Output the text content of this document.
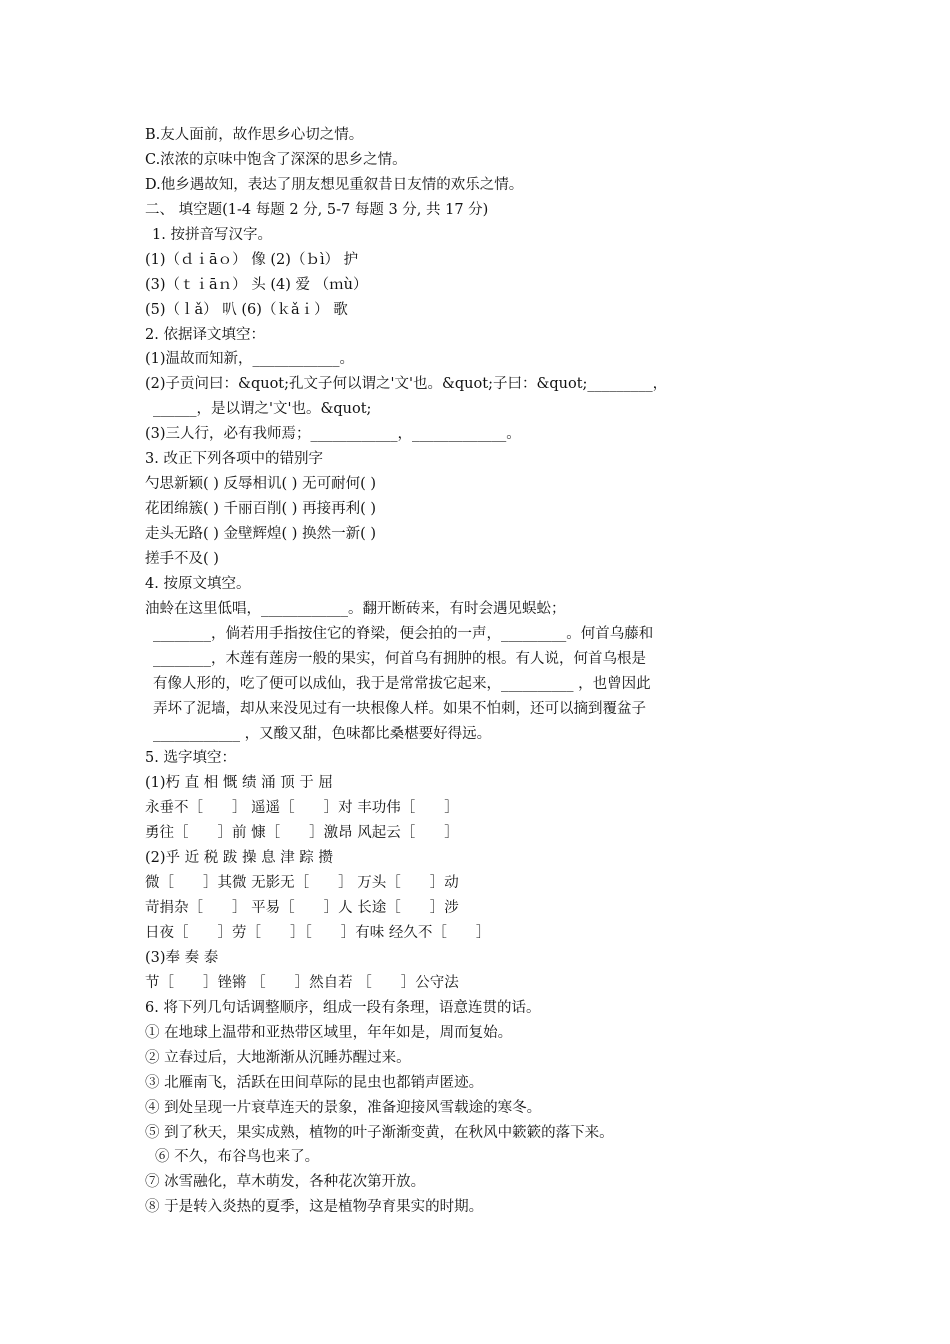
B.友人面前，故作思乡心切之情。
C.浓浓的京味中饱含了深深的思乡之情。
D.他乡遇故知，表达了朋友想见重叙昔日友情的欢乐之情。
二、 填空题(1-4 每题 2 分, 5-7 每题 3 分, 共 17 分)
1. 按拼音写汉字。
(1)（ｄｉāｏ） 像 (2)（ｂì） 护
(3)（ｔｉāｎ） 头 (4) 爱 （ｍù）
(5)（ｌǎ） 叭 (6)（ｋǎｉ） 歌
2. 依据译文填空：
(1)温故而知新，____________。
(2)子贡问曰：&quot;孔文子何以谓之'文'也。&quot;子曰：&quot;_________，
______，是以谓之'文'也。&quot;
(3)三人行，必有我师焉；____________，_____________。
3. 改正下列各项中的错别字
勺思新颖( ) 反辱相讥( ) 无可耐何( )
花团绵簇( ) 千丽百削( ) 再接再利( )
走头无路( ) 金壁辉煌( ) 换然一新( )
搓手不及( )
4. 按原文填空。
油蛉在这里低唱，____________。翻开断砖来，有时会遇见蜈蚣；
________，倘若用手指按住它的脊梁，便会拍的一声，_________。何首乌藤和
________，木莲有莲房一般的果实，何首乌有拥肿的根。有人说，何首乌根是
有像人形的，吃了便可以成仙，我于是常常拔它起来，__________ ，也曾因此
弄坏了泥墙，却从来没见过有一块根像人样。如果不怕刺，还可以摘到覆盆子
____________ ，又酸又甜，色味都比桑椹要好得远。
5. 选字填空：
(1)朽 直 相 慨 绩 涌 顶 于 屈
永垂不［　　］ 遥遥［　　］对 丰功伟［　　］
勇往［　　］前 慷［　　］激昂 风起云［　　］
(2)乎 近 税 跋 操 息 津 踪 攒
微［　　］其微 无影无［　　］ 万头［　　］动
苛捐杂［　　］ 平易［　　］人 长途［　　］涉
日夜［　　］劳［　　］［　　］有味 经久不［　　］
(3)奉 奏 泰
节［　　］锉锵 ［　　］然自若 ［　　］公守法
6. 将下列几句话调整顺序，组成一段有条理，语意连贯的话。
① 在地球上温带和亚热带区域里，年年如是，周而复始。
② 立春过后，大地渐渐从沉睡苏醒过来。
③ 北雁南飞，活跃在田间草际的昆虫也都销声匿迹。
④ 到处呈现一片衰草连天的景象，准备迎接风雪载途的寒冬。
⑤ 到了秋天，果实成熟，植物的叶子渐渐变黄，在秋风中簌簌的落下来。
⑥ 不久，布谷鸟也来了。
⑦ 冰雪融化，草木萌发，各种花次第开放。
⑧ 于是转入炎热的夏季，这是植物孕育果实的时期。
